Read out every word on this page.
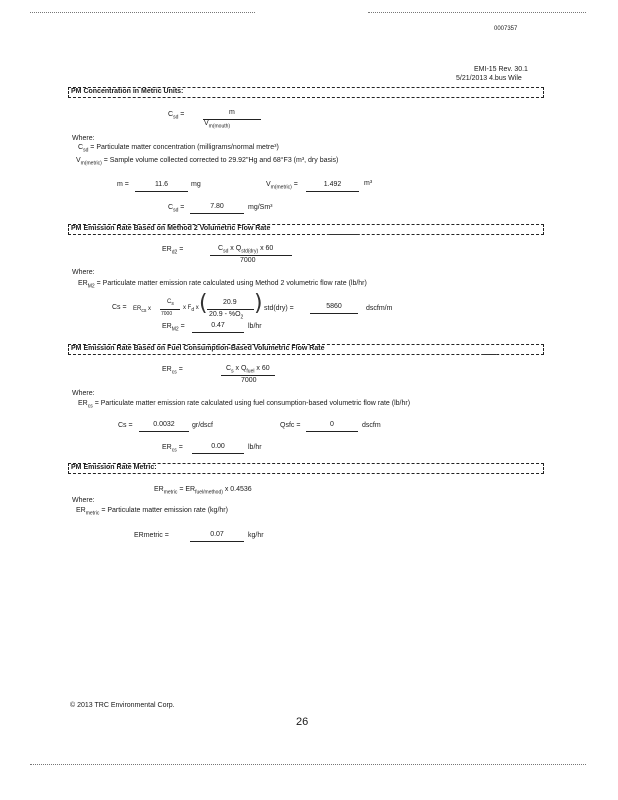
0007357
EMI-15 Rev. 30.1
5/21/2013 4.bus Wile
PM Concentration in Metric Units:
$C_{sd}$ =	m
$V_{m(mouth)}$
Where:
$C_{sd}$ = Particulate matter concentration (milligrams/normal metre³)
$V_{m(metric)}$ = Sample volume collected corrected to 29.92"Hg and 68°F3 (m³, dry basis)
m =	11.6	mg	$V_{m(metric)}$ =	1.492	m³
$C_{sd}$ =	7.80	mg/Sm³
PM Emission Rate Based on Method 2 Volumetric Flow Rate
$ER_{d2}$ =	$C_{sd}$ x $Q_{std(dry)}$ x 60
7000
Where:
$ER_{M2}$ = Particulate matter emission rate calculated using Method 2 volumetric flow rate (lb/hr)
$Cs = ER_{cs}$ x
$C_s$
7000
x $F_d$ x ( 20.9
$20.9 - \%O_2$
) std(dry) =	5860	dscfm/m
$ER_{M2}$ =	0.47	lb/hr
PM Emission Rate Based on Fuel Consumption-Based Volumetric Flow Rate
$ER_{cs}$ =	$C_s$ x $Q_{fuel}$ x 60
7000
Where:
$ER_{cs}$ = Particulate matter emission rate calculated using fuel consumption-based volumetric flow rate (lb/hr)
Cs =	0.0032	gr/dscf	Qsfc =	0	dscfm
$ER_{cs}$ =	0.00	lb/hr
PM Emission Rate Metric:
$ER_{metric} = ER_{fuel/method)}$ x 0.4536
Where:
$ER_{metric}$ = Particulate matter emission rate (kg/hr)
ERmetric =	0.07	kg/hr
© 2013 TRC Environmental Corp.
26
